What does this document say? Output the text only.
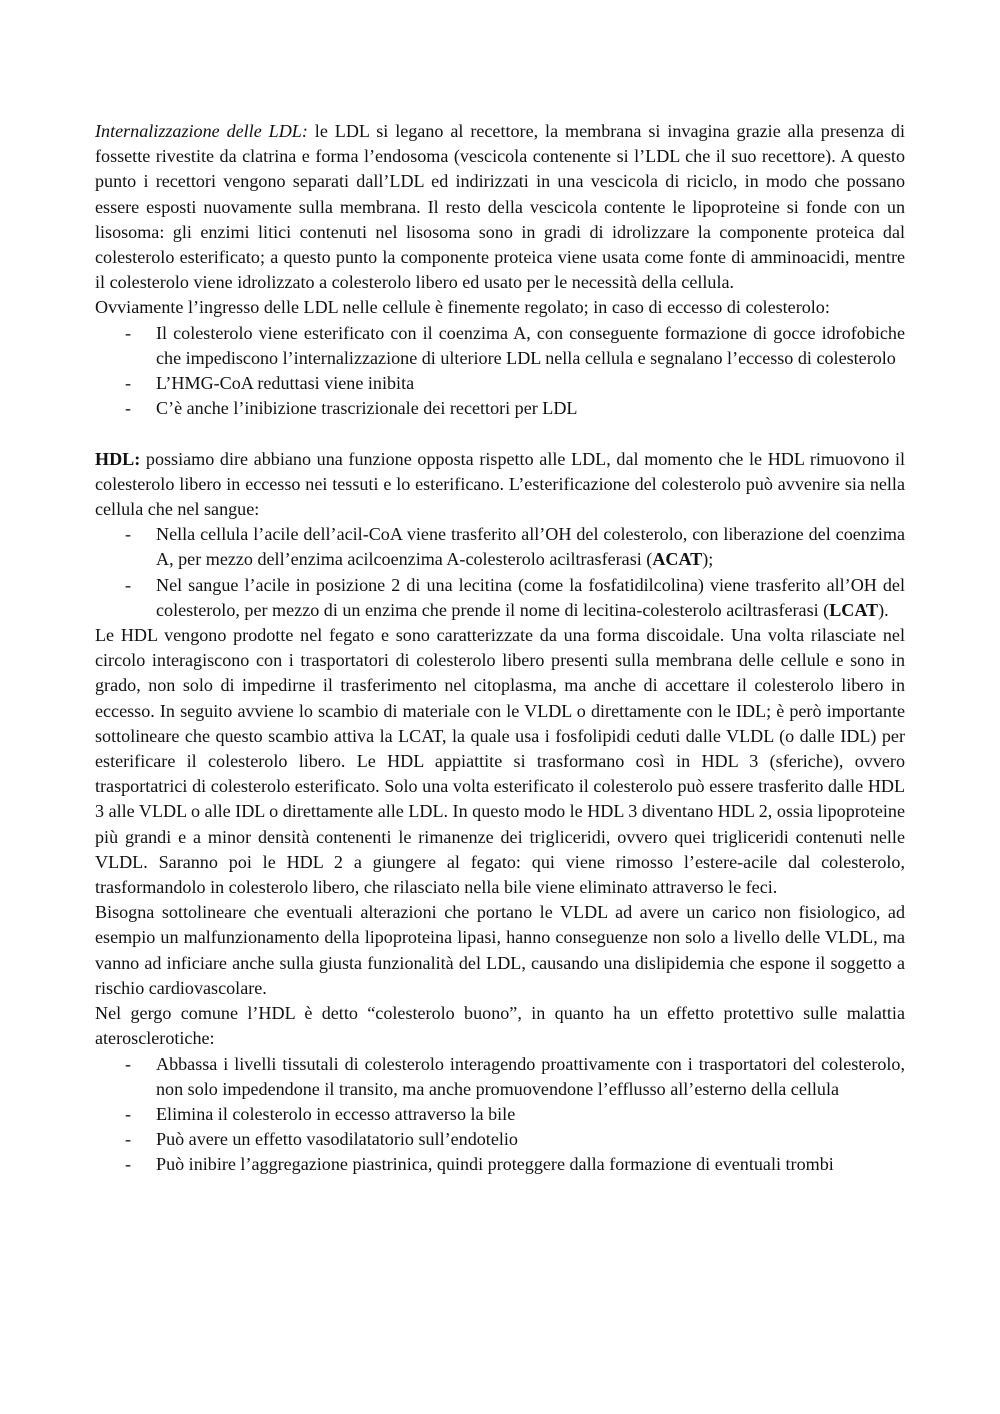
Internalizzazione delle LDL: le LDL si legano al recettore, la membrana si invagina grazie alla presenza di fossette rivestite da clatrina e forma l’endosoma (vescicola contenente si l’LDL che il suo recettore). A questo punto i recettori vengono separati dall’LDL ed indirizzati in una vescicola di riciclo, in modo che possano essere esposti nuovamente sulla membrana. Il resto della vescicola contente le lipoproteine si fonde con un lisosoma: gli enzimi litici contenuti nel lisosoma sono in gradi di idrolizzare la componente proteica dal colesterolo esterificato; a questo punto la componente proteica viene usata come fonte di amminoacidi, mentre il colesterolo viene idrolizzato a colesterolo libero ed usato per le necessità della cellula.

Ovviamente l’ingresso delle LDL nelle cellule è finemente regolato; in caso di eccesso di colesterolo:

- Il colesterolo viene esterificato con il coenzima A, con conseguente formazione di gocce idrofobiche che impediscono l’internalizzazione di ulteriore LDL nella cellula e segnalano l’eccesso di colesterolo
- L’HMG-CoA reduttasi viene inibita
- C’è anche l’inibizione trascrizionale dei recettori per LDL

HDL: possiamo dire abbiano una funzione opposta rispetto alle LDL, dal momento che le HDL rimuovono il colesterolo libero in eccesso nei tessuti e lo esterificano. L’esterificazione del colesterolo può avvenire sia nella cellula che nel sangue:

- Nella cellula l’acile dell’acil-CoA viene trasferito all’OH del colesterolo, con liberazione del coenzima A, per mezzo dell’enzima acilcoenzima A-colesterolo aciltrasferasi (ACAT);
- Nel sangue l’acile in posizione 2 di una lecitina (come la fosfatidilcolina) viene trasferito all’OH del colesterolo, per mezzo di un enzima che prende il nome di lecitina-colesterolo aciltrasferasi (LCAT).

Le HDL vengono prodotte nel fegato e sono caratterizzate da una forma discoidale. Una volta rilasciate nel circolo interagiscono con i trasportatori di colesterolo libero presenti sulla membrana delle cellule e sono in grado, non solo di impedirne il trasferimento nel citoplasma, ma anche di accettare il colesterolo libero in eccesso. In seguito avviene lo scambio di materiale con le VLDL o direttamente con le IDL; è però importante sottolineare che questo scambio attiva la LCAT, la quale usa i fosfolipidi ceduti dalle VLDL (o dalle IDL) per esterificare il colesterolo libero. Le HDL appiattite si trasformano così in HDL 3 (sferiche), ovvero trasportatrici di colesterolo esterificato. Solo una volta esterificato il colesterolo può essere trasferito dalle HDL 3 alle VLDL o alle IDL o direttamente alle LDL. In questo modo le HDL 3 diventano HDL 2, ossia lipoproteine più grandi e a minor densità contenenti le rimanenze dei trigliceridi, ovvero quei trigliceridi contenuti nelle VLDL. Saranno poi le HDL 2 a giungere al fegato: qui viene rimosso l’estere-acile dal colesterolo, trasformandolo in colesterolo libero, che rilasciato nella bile viene eliminato attraverso le feci.

Bisogna sottolineare che eventuali alterazioni che portano le VLDL ad avere un carico non fisiologico, ad esempio un malfunzionamento della lipoproteina lipasi, hanno conseguenze non solo a livello delle VLDL, ma vanno ad inficiare anche sulla giusta funzionalità del LDL, causando una dislipidemia che espone il soggetto a rischio cardiovascolare.

Nel gergo comune l’HDL è detto “colesterolo buono”, in quanto ha un effetto protettivo sulle malattia aterosclerotiche:

- Abbassa i livelli tissutali di colesterolo interagendo proattivamente con i trasportatori del colesterolo, non solo impedendone il transito, ma anche promuovendone l’efflusso all’esterno della cellula
- Elimina il colesterolo in eccesso attraverso la bile
- Può avere un effetto vasodilatatorio sull’endotelio
- Può inibire l’aggregazione piastrinica, quindi proteggere dalla formazione di eventuali trombi
